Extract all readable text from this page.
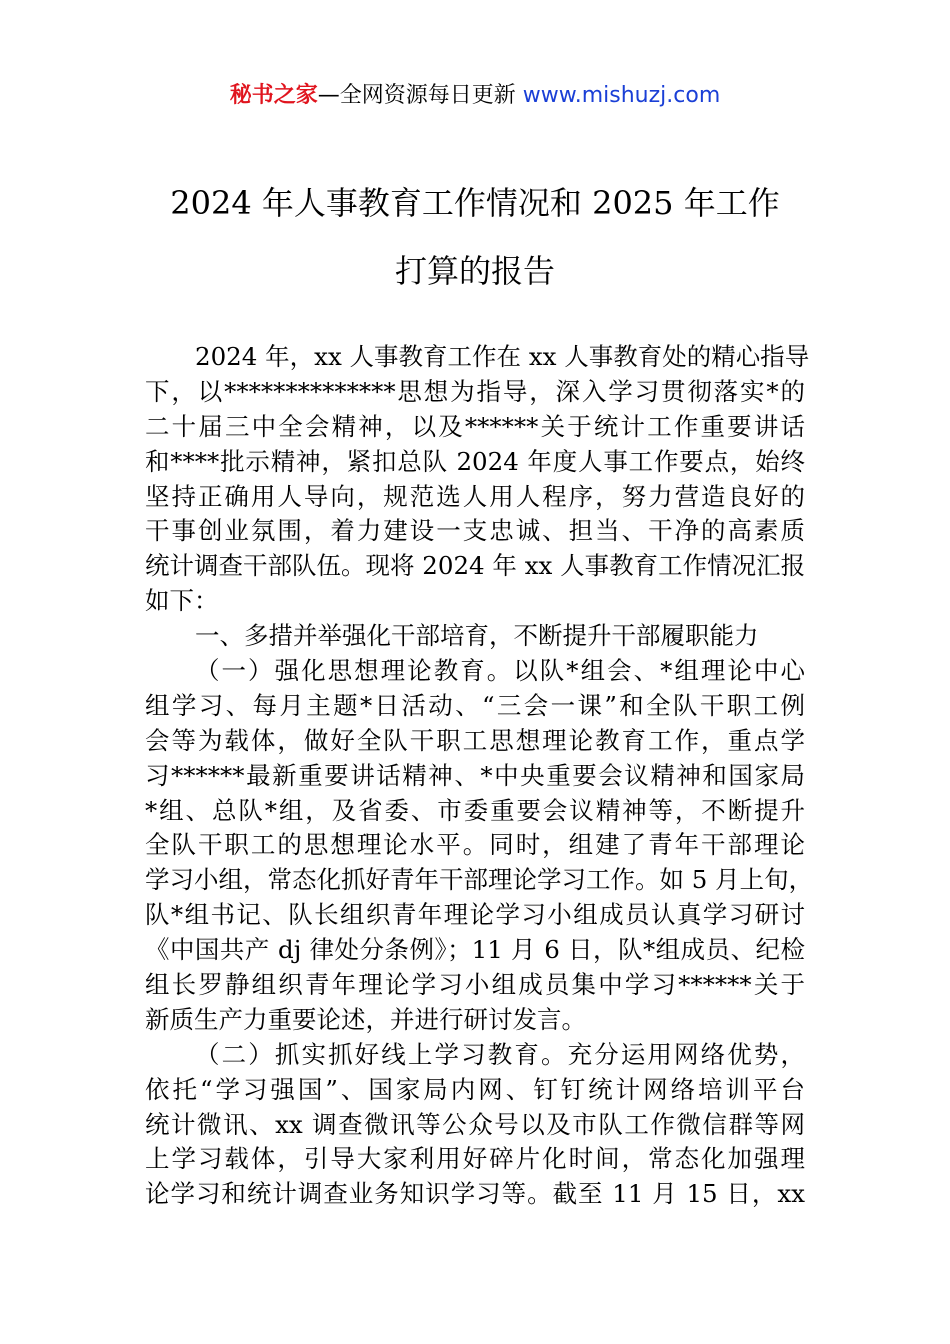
秘书之家—全网资源每日更新 www.mishuzj.com
2024 年人事教育工作情况和 2025 年工作
打算的报告
2024 年，xx 人事教育工作在 xx 人事教育处的精心指导
下，以**************思想为指导，深入学习贯彻落实*的
二十届三中全会精神，以及******关于统计工作重要讲话
和****批示精神，紧扣总队 2024 年度人事工作要点，始终
坚持正确用人导向，规范选人用人程序，努力营造良好的
干事创业氛围，着力建设一支忠诚、担当、干净的高素质
统计调查干部队伍。现将 2024 年 xx 人事教育工作情况汇报
如下：
一、多措并举强化干部培育，不断提升干部履职能力
（一）强化思想理论教育。以队*组会、*组理论中心
组学习、每月主题*日活动、“三会一课”和全队干职工例
会等为载体，做好全队干职工思想理论教育工作，重点学
习******最新重要讲话精神、*中央重要会议精神和国家局
*组、总队*组，及省委、市委重要会议精神等，不断提升
全队干职工的思想理论水平。同时，组建了青年干部理论
学习小组，常态化抓好青年干部理论学习工作。如 5 月上旬，
队*组书记、队长组织青年理论学习小组成员认真学习研讨
《中国共产 dj 律处分条例》；11 月 6 日，队*组成员、纪检
组长罗静组织青年理论学习小组成员集中学习******关于
新质生产力重要论述，并进行研讨发言。
（二）抓实抓好线上学习教育。充分运用网络优势，
依托“学习强国”、国家局内网、钉钉统计网络培训平台
统计微讯、xx 调查微讯等公众号以及市队工作微信群等网
上学习载体，引导大家利用好碎片化时间，常态化加强理
论学习和统计调查业务知识学习等。截至 11 月 15 日，xx
